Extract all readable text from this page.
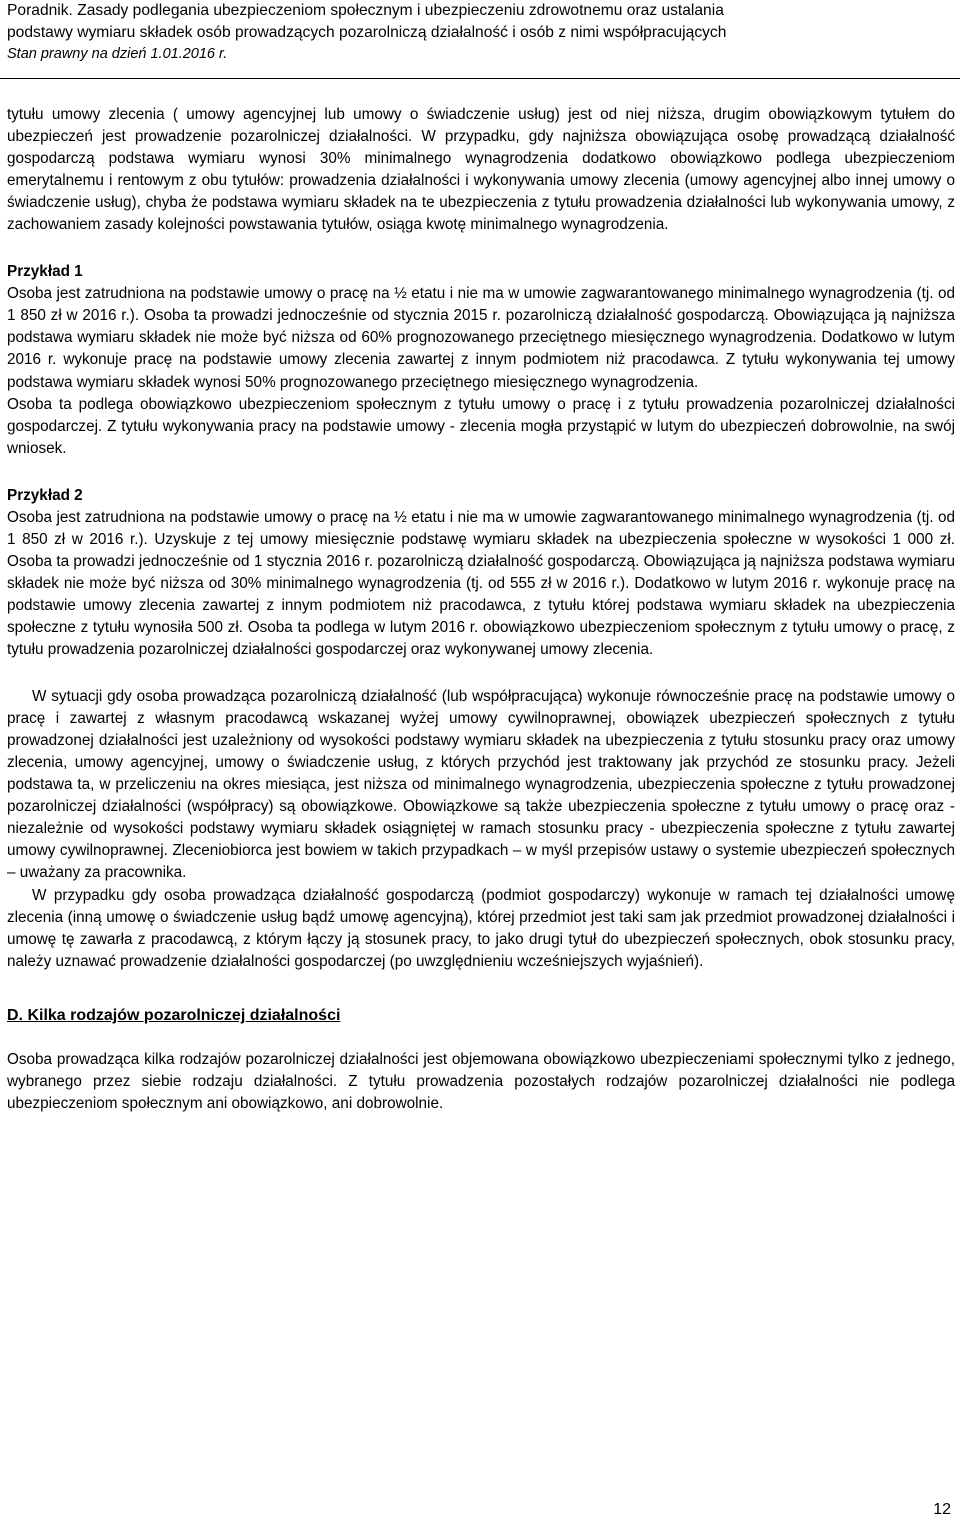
Poradnik. Zasady podlegania ubezpieczeniom społecznym i ubezpieczeniu zdrowotnemu oraz ustalania
podstawy wymiaru składek osób prowadzących pozarolniczą działalność i osób z nimi współpracujących
Stan prawny na dzień 1.01.2016 r.

tytułu umowy zlecenia ( umowy agencyjnej lub umowy o świadczenie usług) jest od niej niższa, drugim obowiązkowym tytułem do ubezpieczeń jest prowadzenie pozarolniczej działalności. W przypadku, gdy najniższa obowiązująca osobę prowadzącą działalność gospodarczą podstawa wymiaru wynosi 30% minimalnego wynagrodzenia dodatkowo obowiązkowo podlega ubezpieczeniom emerytalnemu i rentowym z obu tytułów: prowadzenia działalności i wykonywania umowy zlecenia (umowy agencyjnej albo innej umowy o świadczenie usług), chyba że podstawa wymiaru składek na te ubezpieczenia z tytułu prowadzenia działalności lub wykonywania umowy, z zachowaniem zasady kolejności powstawania tytułów, osiąga kwotę minimalnego wynagrodzenia.

Przykład 1

Osoba jest zatrudniona na podstawie umowy o pracę na ½ etatu i nie ma w umowie zagwarantowanego minimalnego wynagrodzenia (tj. od 1 850 zł w 2016 r.). Osoba ta prowadzi jednocześnie od stycznia 2015 r. pozarolniczą działalność gospodarczą. Obowiązująca ją najniższa podstawa wymiaru składek nie może być niższa od 60% prognozowanego przeciętnego miesięcznego wynagrodzenia. Dodatkowo w lutym 2016 r. wykonuje pracę na podstawie umowy zlecenia zawartej z innym podmiotem niż pracodawca. Z tytułu wykonywania tej umowy podstawa wymiaru składek wynosi 50% prognozowanego przeciętnego miesięcznego wynagrodzenia.

Osoba ta podlega obowiązkowo ubezpieczeniom społecznym z tytułu umowy o pracę i z tytułu prowadzenia pozarolniczej działalności gospodarczej. Z tytułu wykonywania pracy na podstawie umowy - zlecenia mogła przystąpić w lutym do ubezpieczeń dobrowolnie, na swój wniosek.

Przykład 2

Osoba jest zatrudniona na podstawie umowy o pracę na ½ etatu i nie ma w umowie zagwarantowanego minimalnego wynagrodzenia (tj. od 1 850 zł w 2016 r.). Uzyskuje z tej umowy miesięcznie podstawę wymiaru składek na ubezpieczenia społeczne w wysokości 1 000 zł. Osoba ta prowadzi jednocześnie od 1 stycznia 2016 r. pozarolniczą działalność gospodarczą. Obowiązująca ją najniższa podstawa wymiaru składek nie może być niższa od 30% minimalnego wynagrodzenia (tj. od 555 zł w 2016 r.). Dodatkowo w lutym 2016 r. wykonuje pracę na podstawie umowy zlecenia zawartej z innym podmiotem niż pracodawca, z tytułu której podstawa wymiaru składek na ubezpieczenia społeczne z tytułu wynosiła 500 zł. Osoba ta podlega w lutym 2016 r. obowiązkowo ubezpieczeniom społecznym z tytułu umowy o pracę, z tytułu prowadzenia pozarolniczej działalności gospodarczej oraz wykonywanej umowy zlecenia.

W sytuacji gdy osoba prowadząca pozarolniczą działalność (lub współpracująca) wykonuje równocześnie pracę na podstawie umowy o pracę i zawartej z własnym pracodawcą wskazanej wyżej umowy cywilnoprawnej, obowiązek ubezpieczeń społecznych z tytułu prowadzonej działalności jest uzależniony od wysokości podstawy wymiaru składek na ubezpieczenia z tytułu stosunku pracy oraz umowy zlecenia, umowy agencyjnej, umowy o świadczenie usług, z których przychód jest traktowany jak przychód ze stosunku pracy. Jeżeli podstawa ta, w przeliczeniu na okres miesiąca, jest niższa od minimalnego wynagrodzenia, ubezpieczenia społeczne z tytułu prowadzonej pozarolniczej działalności (współpracy) są obowiązkowe. Obowiązkowe są także ubezpieczenia społeczne z tytułu umowy o pracę oraz - niezależnie od wysokości podstawy wymiaru składek osiągniętej w ramach stosunku pracy - ubezpieczenia społeczne z tytułu zawartej umowy cywilnoprawnej. Zleceniobiorca jest bowiem w takich przypadkach – w myśl przepisów ustawy o systemie ubezpieczeń społecznych – uważany za pracownika.

W przypadku gdy osoba prowadząca działalność gospodarczą (podmiot gospodarczy) wykonuje w ramach tej działalności umowę zlecenia (inną umowę o świadczenie usług bądź umowę agencyjną), której przedmiot jest taki sam jak przedmiot prowadzonej działalności i umowę tę zawarła z pracodawcą, z którym łączy ją stosunek pracy, to jako drugi tytuł do ubezpieczeń społecznych, obok stosunku pracy, należy uznawać prowadzenie działalności gospodarczej (po uwzględnieniu wcześniejszych wyjaśnień).

D. Kilka rodzajów pozarolniczej działalności

Osoba prowadząca kilka rodzajów pozarolniczej działalności jest objemowana obowiązkowo ubezpieczeniami społecznymi tylko z jednego, wybranego przez siebie rodzaju działalności. Z tytułu prowadzenia pozostałych rodzajów pozarolniczej działalności nie podlega ubezpieczeniom społecznym ani obowiązkowo, ani dobrowolnie.

12
